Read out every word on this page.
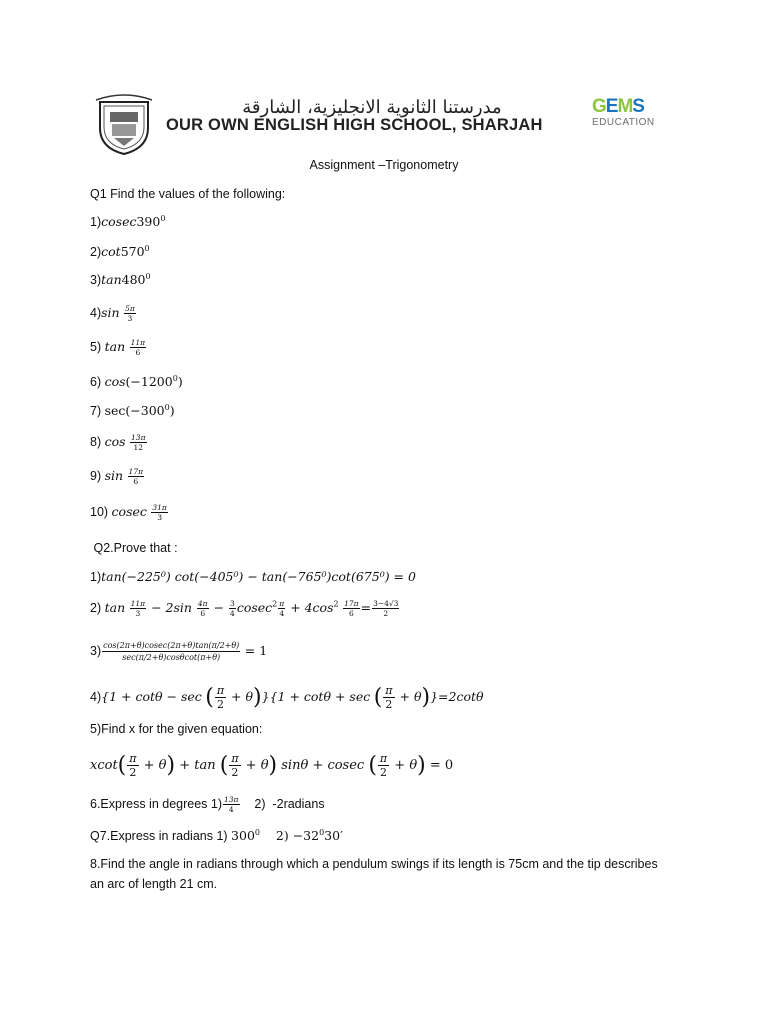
مدرستنا الثانوية الانجليزية، الشارقة
OUR OWN ENGLISH HIGH SCHOOL, SHARJAH
GEMS
EDUCATION
Assignment –Trigonometry
Q1 Find the values of the following:
$1)cosec390^0$
$2)\cot 570^0$
$3)\tan 480^0$
$4)\sin \frac{5\pi}{3}$
5) $\tan \frac{11\pi}{6}$
6) $\cos(-1200^0)$
7) $\sec(-300^0)$
8) $\cos \frac{13\pi}{12}$
9) $\sin \frac{17\pi}{6}$
10) cosec $\frac{31\pi}{3}$
Q2.Prove that :
1)tan(−225⁰) cot(−405⁰) − tan(−765⁰)cot(675⁰) = 0
2) $\tan \frac{11\pi}{3} - 2\sin \frac{4\pi}{6} - \frac{3}{4} cosec^2 \frac{\pi}{4} + 4\cos^2 \frac{17\pi}{6} = \frac{3-4√3}{2}$
$3) \frac{\cos(2\pi+\theta)cosec(2\pi+\theta)\tan(\pi/2+\theta)}{\sec(\pi/2+\theta)\cos\theta\cot(\pi+\theta)} = 1$
4){1 + cotθ − sec ( $\frac{\pi}{2} + \theta)\}\{1 + \cot\theta + \sec$ ( $\frac{\pi}{2} + \theta)\}=2\cot\theta$
5)Find x for the given equation:
$xcot( \frac{\pi}{2} + \theta) + \tan$ ( $\frac{\pi}{2} + \theta$) sinθ + cosec ( $\frac{\pi}{2} + \theta) = 0$
6.Express in degrees $1) \frac{13\pi}{4} 2$)  -2radians
Q7.Express in radians 1) $300^0$    $2) -32^030'$
8.Find the angle in radians through which a pendulum swings if its length is 75cm and the tip describes
an arc of length 21 cm.
